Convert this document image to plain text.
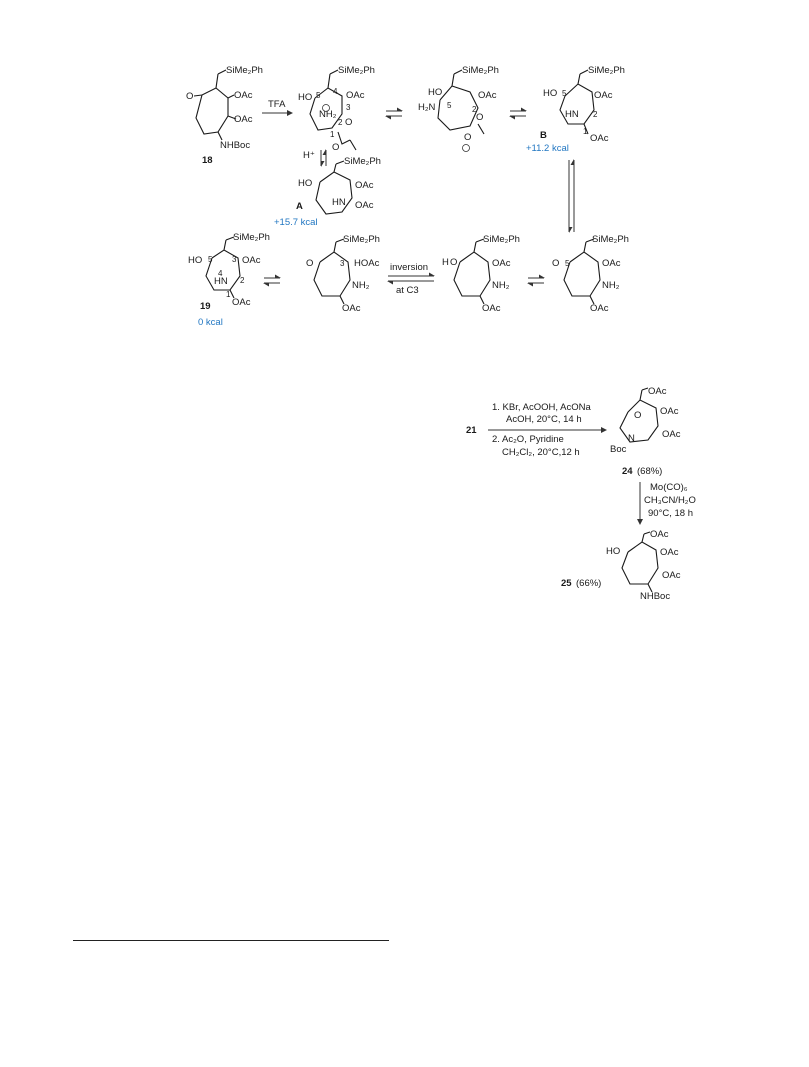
O
SiMe₂Ph
OAc
OAc
NHBoc
18
TFA
SiMe₂Ph
HO	OAc
NH₂
5 4
3
2
1
O
O
SiMe₂Ph
HO
H₂N
OAc
5	2
O
O
SiMe₂Ph
HO	OAc
HN
5
2
1
OAc
B
+11.2 kcal
H⁺
SiMe₂Ph
HO	OAc
HN OAc
A
+15.7 kcal
SiMe₂Ph
HO	OAc
HN
5
4
3
2
1
OAc
19
0 kcal
SiMe₂Ph
O	3 HOAc
NH₂
OAc
inversion
at C3
SiMe₂Ph
H O	OAc
NH₂
OAc
SiMe₂Ph
O 5	OAc
NH₂
OAc
21
1. KBr, AcOOH, AcONa
AcOH, 20°C, 14 h
2. Ac₂O, Pyridine
CH₂Cl₂, 20°C,12 h
OAc
OAc
OAc
O
N
Boc
24 (68%)
Mo(CO)₆
CH₃CN/H₂O
90°C, 18 h
OAc
HO	OAc
OAc
NHBoc
25 (66%)
